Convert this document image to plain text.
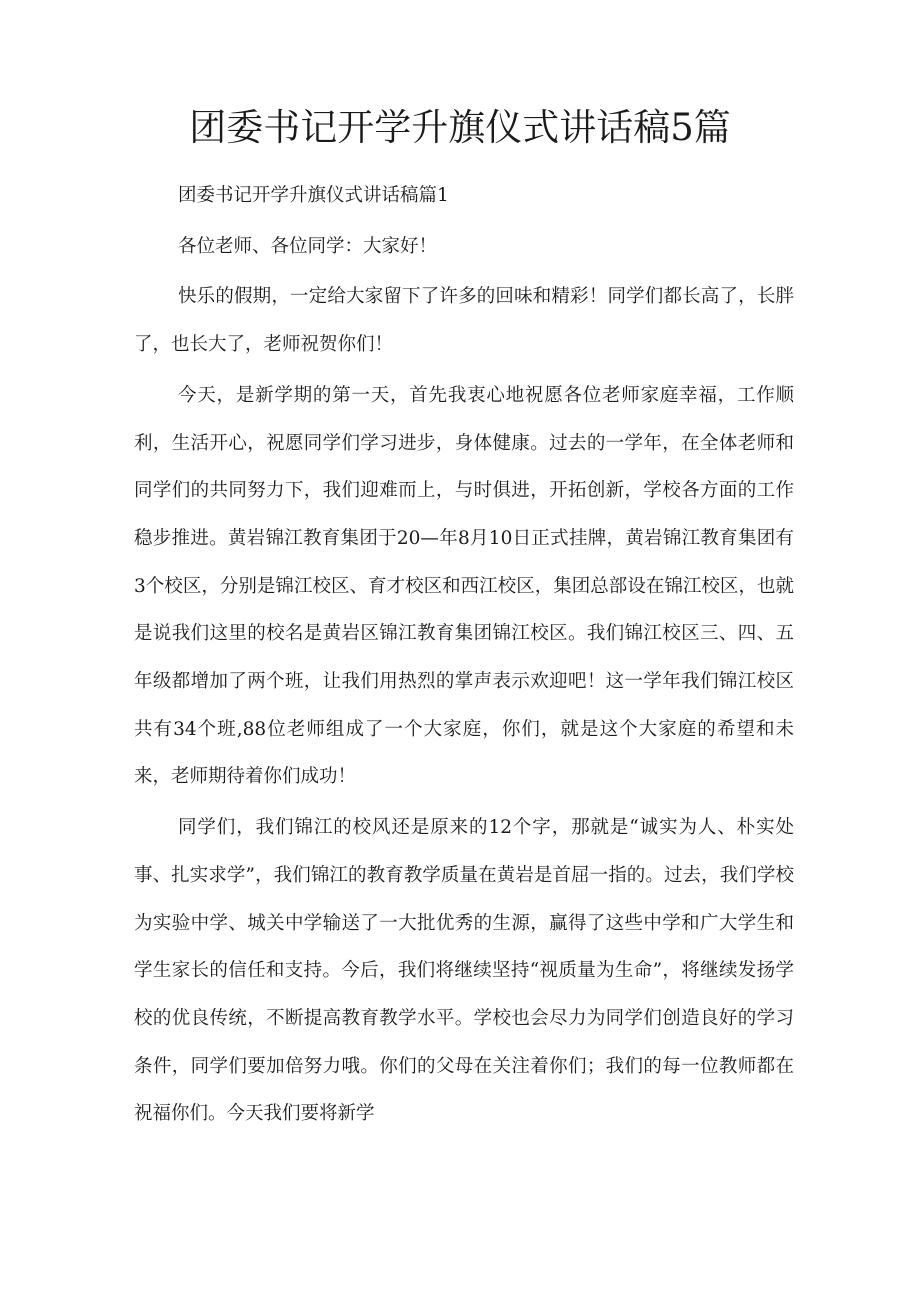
团委书记开学升旗仪式讲话稿5篇

团委书记开学升旗仪式讲话稿篇1

各位老师、各位同学：大家好！

快乐的假期，一定给大家留下了许多的回味和精彩！同学们都长高了，长胖了，也长大了，老师祝贺你们！

今天，是新学期的第一天，首先我衷心地祝愿各位老师家庭幸福，工作顺利，生活开心，祝愿同学们学习进步，身体健康。过去的一学年，在全体老师和同学们的共同努力下，我们迎难而上，与时俱进，开拓创新，学校各方面的工作稳步推进。黄岩锦江教育集团于20—年8月10日正式挂牌，黄岩锦江教育集团有3个校区，分别是锦江校区、育才校区和西江校区，集团总部设在锦江校区，也就是说我们这里的校名是黄岩区锦江教育集团锦江校区。我们锦江校区三、四、五年级都增加了两个班，让我们用热烈的掌声表示欢迎吧！这一学年我们锦江校区共有34个班,88位老师组成了一个大家庭，你们，就是这个大家庭的希望和未来，老师期待着你们成功！

同学们，我们锦江的校风还是原来的12个字，那就是“诚实为人、朴实处事、扎实求学”，我们锦江的教育教学质量在黄岩是首屈一指的。过去，我们学校为实验中学、城关中学输送了一大批优秀的生源，赢得了这些中学和广大学生和学生家长的信任和支持。今后，我们将继续坚持“视质量为生命”，将继续发扬学校的优良传统，不断提高教育教学水平。学校也会尽力为同学们创造良好的学习条件，同学们要加倍努力哦。你们的父母在关注着你们；我们的每一位教师都在祝福你们。今天我们要将新学
